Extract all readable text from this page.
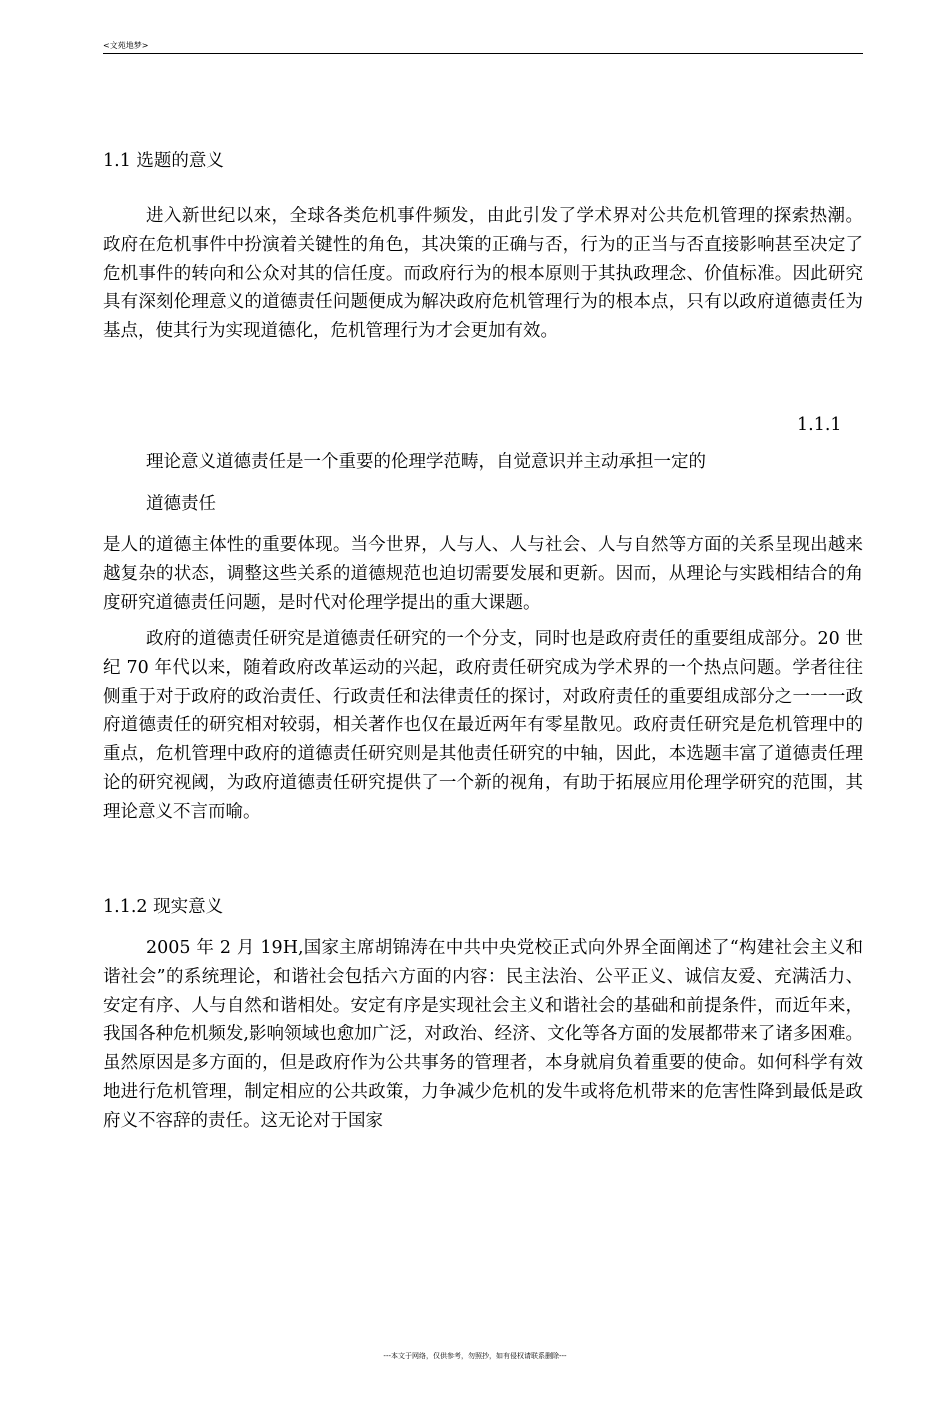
<文苑地梦>
1.1 选题的意义

进入新世纪以來，全球各类危机事件频发，由此引发了学术界对公共危机管理的探索热潮。政府在危机事件中扮演着关键性的角色，其决策的正确与否，行为的正当与否直接影响甚至决定了危机事件的转向和公众对其的信任度。而政府行为的根本原则于其执政理念、价值标准。因此研究具有深刻伦理意义的道德责任问题便成为解决政府危机管理行为的根本点，只有以政府道德责任为基点，使其行为实现道德化，危机管理行为才会更加有效。

1.1.1
理论意义道德责任是一个重要的伦理学范畴，自觉意识并主动承担一定的
道德责任

是人的道德主体性的重要体现。当今世界，人与人、人与社会、人与自然等方面的关系呈现出越来越复杂的状态，调整这些关系的道德规范也迫切需要发展和更新。因而，从理论与实践相结合的角度研究道德责任问题，是时代对伦理学提出的重大课题。

政府的道德责任研究是道德责任研究的一个分支，同时也是政府责任的重要组成部分。20 世纪 70 年代以来，随着政府改革运动的兴起，政府责任研究成为学术界的一个热点问题。学者往往侧重于对于政府的政治责任、行政责任和法律责任的探讨，对政府责任的重要组成部分之一一一政府道德责任的研究相对较弱，相关著作也仅在最近两年有零星散见。政府责任研究是危机管理中的重点，危机管理中政府的道德责任研究则是其他责任研究的中轴，因此，本选题丰富了道德责任理论的研究视阈，为政府道德责任研究提供了一个新的视角，有助于拓展应用伦理学研究的范围，其理论意义不言而喻。

1.1.2 现实意义

2005 年 2 月 19H,国家主席胡锦涛在中共中央党校正式向外界全面阐述了“构建社会主义和谐社会”的系统理论，和谐社会包括六方面的内容：民主法治、公平正义、诚信友爱、充满活力、安定有序、人与自然和谐相处。安定有序是实现社会主义和谐社会的基础和前提条件，而近年来，我国各种危机频发,影响领域也愈加广泛，对政治、经济、文化等各方面的发展都带来了诸多困难。虽然原因是多方面的，但是政府作为公共事务的管理者，本身就肩负着重要的使命。如何科学有效地进行危机管理，制定相应的公共政策，力争减少危机的发牛或将危机带来的危害性降到最低是政府义不容辞的责任。这无论对于国家

---本文于网络，仅供参考，勿照抄，如有侵权请联系删除---
